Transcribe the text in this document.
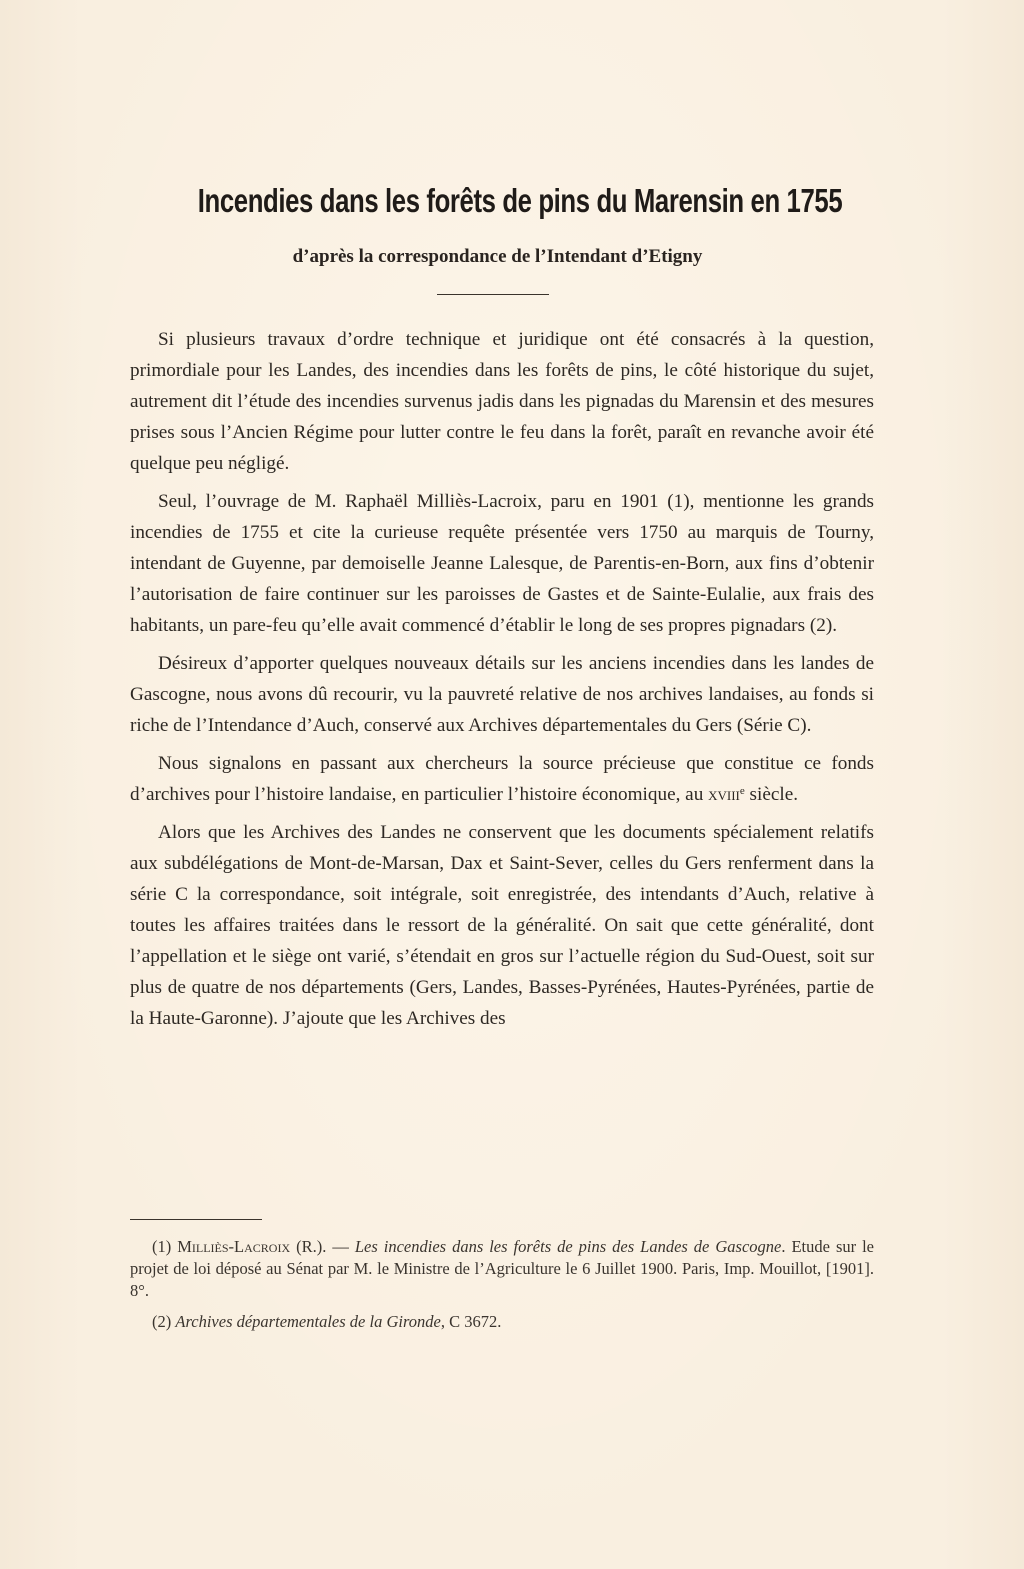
Incendies dans les forêts de pins du Marensin en 1755
d’après la correspondance de l’Intendant d’Etigny

Si plusieurs travaux d’ordre technique et juridique ont été consacrés à la question, primordiale pour les Landes, des incendies dans les forêts de pins, le côté historique du sujet, autrement dit l’étude des incendies survenus jadis dans les pignadas du Marensin et des mesures prises sous l’Ancien Régime pour lutter contre le feu dans la forêt, paraît en revanche avoir été quelque peu négligé.

Seul, l’ouvrage de M. Raphaël Milliès-Lacroix, paru en 1901 (1), mentionne les grands incendies de 1755 et cite la curieuse requête présentée vers 1750 au marquis de Tourny, intendant de Guyenne, par demoiselle Jeanne Lalesque, de Parentis-en-Born, aux fins d’obtenir l’autorisation de faire continuer sur les paroisses de Gastes et de Sainte-Eulalie, aux frais des habitants, un pare-feu qu’elle avait commencé d’établir le long de ses propres pignadars (2).

Désireux d’apporter quelques nouveaux détails sur les anciens incendies dans les landes de Gascogne, nous avons dû recourir, vu la pauvreté relative de nos archives landaises, au fonds si riche de l’Intendance d’Auch, conservé aux Archives départementales du Gers (Série C).

Nous signalons en passant aux chercheurs la source précieuse que constitue ce fonds d’archives pour l’histoire landaise, en particulier l’histoire économique, au xviii$^e$ siècle.

Alors que les Archives des Landes ne conservent que les documents spécialement relatifs aux subdélégations de Mont-de-Marsan, Dax et Saint-Sever, celles du Gers renferment dans la série C la correspondance, soit intégrale, soit enregistrée, des intendants d’Auch, relative à toutes les affaires traitées dans le ressort de la généralité. On sait que cette généralité, dont l’appellation et le siège ont varié, s’étendait en gros sur l’actuelle région du Sud-Ouest, soit sur plus de quatre de nos départements (Gers, Landes, Basses-Pyrénées, Hautes-Pyrénées, partie de la Haute-Garonne). J’ajoute que les Archives des

(1) Milliès-Lacroix (R.). — Les incendies dans les forêts de pins des Landes de Gascogne. Etude sur le projet de loi déposé au Sénat par M. le Ministre de l’Agriculture le 6 Juillet 1900. Paris, Imp. Mouillot, [1901]. 8°.

(2) Archives départementales de la Gironde, C 3672.
